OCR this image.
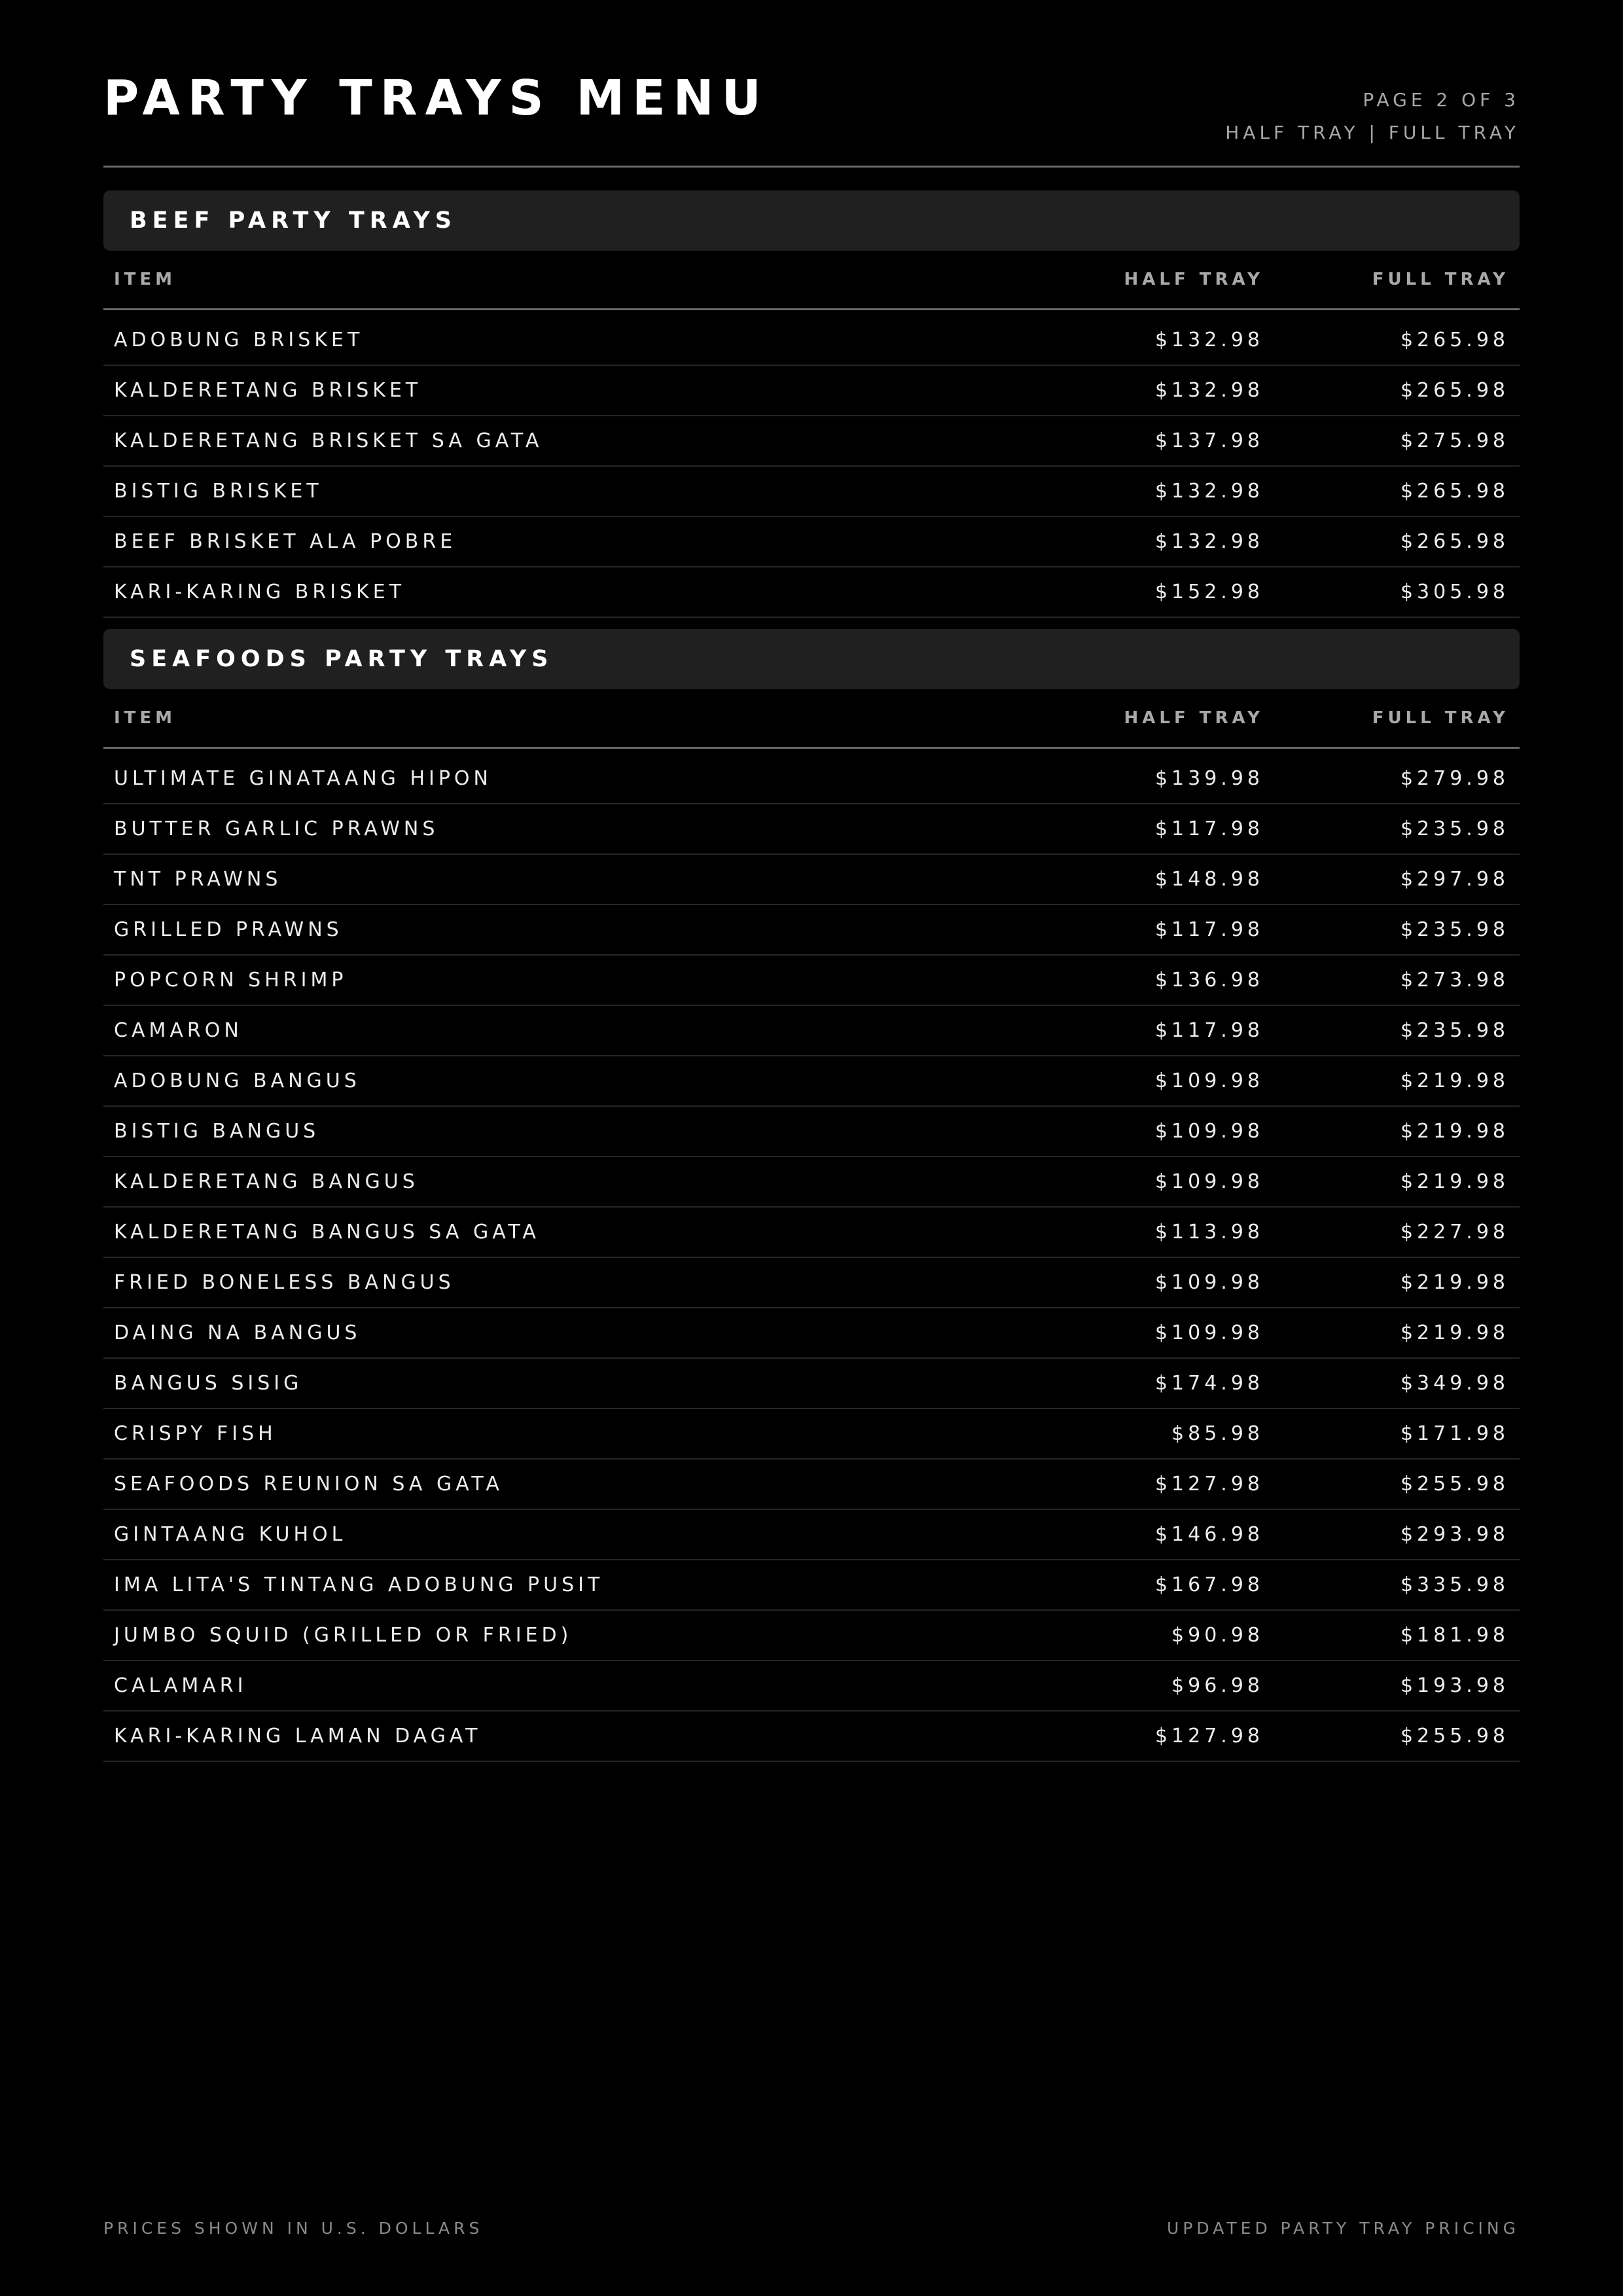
PARTY TRAYS MENU	PAGE 2 OF 3
HALF TRAY | FULL TRAY
BEEF PARTY TRAYS
ITEM	HALF TRAY	FULL TRAY
ADOBUNG BRISKET	$132.98	$265.98
KALDERETANG BRISKET	$132.98	$265.98
KALDERETANG BRISKET SA GATA	$137.98	$275.98
BISTIG BRISKET	$132.98	$265.98
BEEF BRISKET ALA POBRE	$132.98	$265.98
KARI-KARING BRISKET	$152.98	$305.98
SEAFOODS PARTY TRAYS
ITEM	HALF TRAY	FULL TRAY
ULTIMATE GINATAANG HIPON	$139.98	$279.98
BUTTER GARLIC PRAWNS	$117.98	$235.98
TNT PRAWNS	$148.98	$297.98
GRILLED PRAWNS	$117.98	$235.98
POPCORN SHRIMP	$136.98	$273.98
CAMARON	$117.98	$235.98
ADOBUNG BANGUS	$109.98	$219.98
BISTIG BANGUS	$109.98	$219.98
KALDERETANG BANGUS	$109.98	$219.98
KALDERETANG BANGUS SA GATA	$113.98	$227.98
FRIED BONELESS BANGUS	$109.98	$219.98
DAING NA BANGUS	$109.98	$219.98
BANGUS SISIG	$174.98	$349.98
CRISPY FISH	$85.98	$171.98
SEAFOODS REUNION SA GATA	$127.98	$255.98
GINTAANG KUHOL	$146.98	$293.98
IMA LITA'S TINTANG ADOBUNG PUSIT	$167.98	$335.98
JUMBO SQUID (GRILLED OR FRIED)	$90.98	$181.98
CALAMARI	$96.98	$193.98
KARI-KARING LAMAN DAGAT	$127.98	$255.98
PRICES SHOWN IN U.S. DOLLARS	UPDATED PARTY TRAY PRICING
